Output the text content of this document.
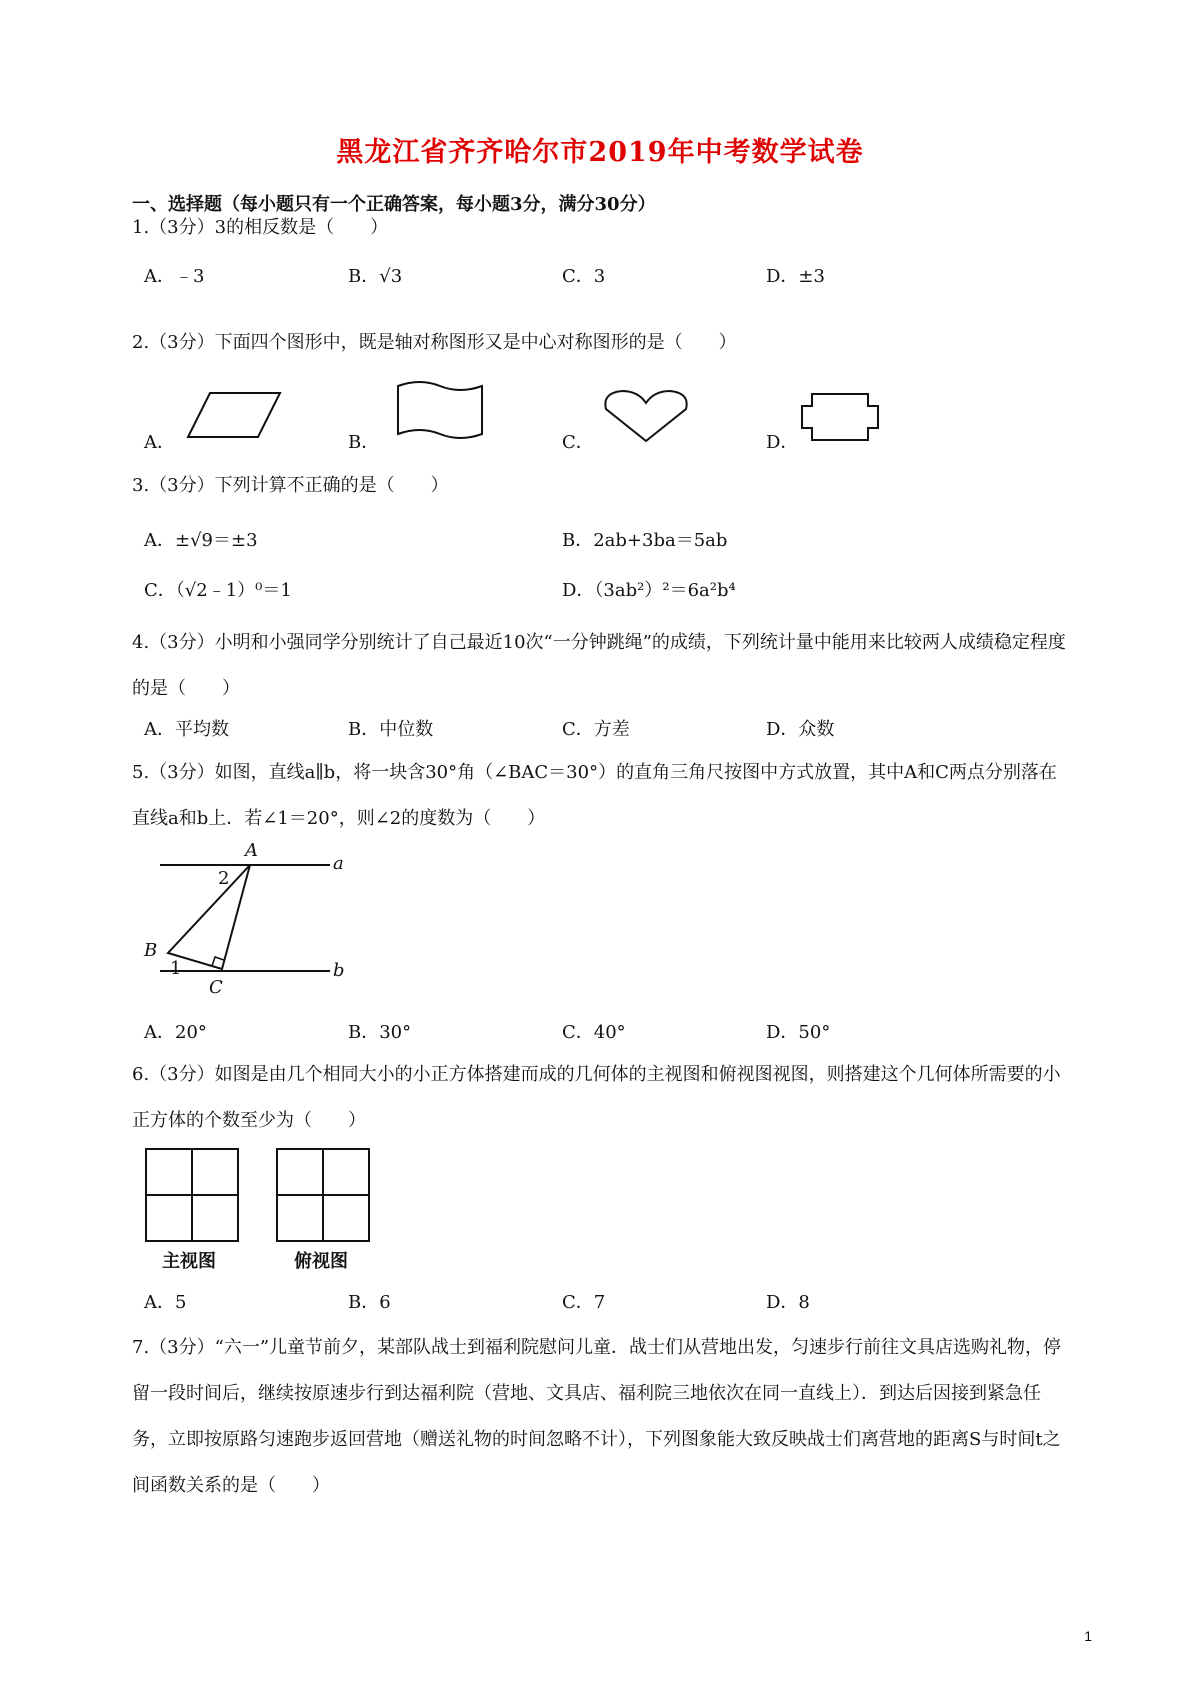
黑龙江省齐齐哈尔市2019年中考数学试卷
一、选择题（每小题只有一个正确答案，每小题3分，满分30分）
1.（3分）3的相反数是（　　）
A．﹣3	B．√3	C．3	D．±3
2.（3分）下面四个图形中，既是轴对称图形又是中心对称图形的是（　　）
A．	B．	C．	D．
3.（3分）下列计算不正确的是（　　）
A．±√9＝±3	B．2ab+3ba＝5ab
C．（√2﹣1）⁰＝1	D．（3ab²）²＝6a²b⁴
4.（3分）小明和小强同学分别统计了自己最近10次“一分钟跳绳”的成绩，下列统计量中能用来比较两人成绩稳定程度的是（　　）
A．平均数	B．中位数	C．方差	D．众数
5.（3分）如图，直线a∥b，将一块含30°角（∠BAC＝30°）的直角三角尺按图中方式放置，其中A和C两点分别落在直线a和b上．若∠1＝20°，则∠2的度数为（　　）
A
a
2
B
1
C
b
A．20°	B．30°	C．40°	D．50°
6.（3分）如图是由几个相同大小的小正方体搭建而成的几何体的主视图和俯视图视图，则搭建这个几何体所需要的小正方体的个数至少为（　　）
主视图	俯视图
A．5	B．6	C．7	D．8
7.（3分）“六一”儿童节前夕，某部队战士到福利院慰问儿童．战士们从营地出发，匀速步行前往文具店选购礼物，停留一段时间后，继续按原速步行到达福利院（营地、文具店、福利院三地依次在同一直线上）．到达后因接到紧急任务，立即按原路匀速跑步返回营地（赠送礼物的时间忽略不计），下列图象能大致反映战士们离营地的距离S与时间t之间函数关系的是（　　）
1
